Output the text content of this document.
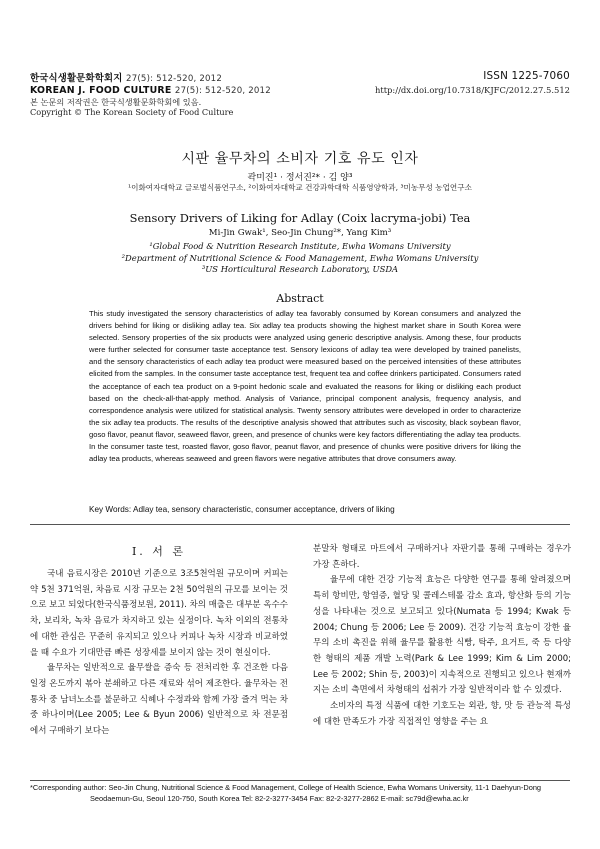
한국식생활문화학회지 27(5): 512-520, 2012
KOREAN J. FOOD CULTURE 27(5): 512-520, 2012
본 논문의 저작권은 한국식생활문화학회에 있음.
Copyright © The Korean Society of Food Culture
ISSN 1225-7060
http://dx.doi.org/10.7318/KJFC/2012.27.5.512
시판 율무차의 소비자 기호 유도 인자
곽미진¹ · 정서진²* · 김 양³
¹이화여자대학교 글로벌식품연구소, ²이화여자대학교 건강과학대학 식품영양학과, ³미농무성 농업연구소
Sensory Drivers of Liking for Adlay (Coix lacryma-jobi) Tea
Mi-Jin Gwak¹, Seo-Jin Chung²*, Yang Kim³
¹Global Food & Nutrition Research Institute, Ewha Womans University
²Department of Nutritional Science & Food Management, Ewha Womans University
³US Horticultural Research Laboratory, USDA
Abstract
This study investigated the sensory characteristics of adlay tea favorably consumed by Korean consumers and analyzed the drivers behind for liking or disliking adlay tea. Six adlay tea products showing the highest market share in South Korea were selected. Sensory properties of the six products were analyzed using generic descriptive analysis. Among these, four products were further selected for consumer taste acceptance test. Sensory lexicons of adlay tea were developed by trained panelists, and the sensory characteristics of each adlay tea product were measured based on the perceived intensities of these attributes elicited from the samples. In the consumer taste acceptance test, frequent tea and coffee drinkers participated. Consumers rated the acceptance of each tea product on a 9-point hedonic scale and evaluated the reasons for liking or disliking each product based on the check-all-that-apply method. Analysis of Variance, principal component analysis, frequency analysis, and correspondence analysis were utilized for statistical analysis. Twenty sensory attributes were developed in order to characterize the six adlay tea products. The results of the descriptive analysis showed that attributes such as viscosity, black soybean flavor, goso flavor, peanut flavor, seaweed flavor, green, and presence of chunks were key factors differentiating the adlay tea products. In the consumer taste test, roasted flavor, goso flavor, peanut flavor, and presence of chunks were positive drivers for liking the adlay tea products, whereas seaweed and green flavors were negative attributes that drove consumers away.
Key Words: Adlay tea, sensory characteristic, consumer acceptance, drivers of liking
I. 서 론

국내 음료시장은 2010년 기준으로 3조5천억원 규모이며 커피는 약 5천 371억원, 차음료 시장 규모는 2천 50억원의 규모를 보이는 것으로 보고 되었다(한국식품정보원, 2011). 차의 매출은 대부분 옥수수차, 보리차, 녹차 음료가 차지하고 있는 실정이다. 녹차 이외의 전통차에 대한 관심은 꾸준히 유지되고 있으나 커피나 녹차 시장과 비교하였을 때 수요가 기대만큼 빠른 성장세를 보이지 않는 것이 현실이다.

율무차는 일반적으로 율무쌀을 증숙 등 전처리한 후 건조한 다음 일정 온도까지 볶아 분쇄하고 다른 재료와 섞어 제조한다. 율무차는 전통차 중 남녀노소를 불문하고 식혜나 수정과와 함께 가장 즐겨 먹는 차 중 하나이며(Lee 2005; Lee & Byun 2006) 일반적으로 차 전문점에서 구매하기 보다는

분말차 형태로 마트에서 구매하거나 자판기를 통해 구매하는 경우가 가장 흔하다.

율무에 대한 건강 기능적 효능은 다양한 연구를 통해 알려졌으며 특히 항비만, 항염증, 혈당 및 콜레스테롤 감소 효과, 항산화 등의 기능성을 나타내는 것으로 보고되고 있다(Numata 등 1994; Kwak 등 2004; Chung 등 2006; Lee 등 2009). 건강 기능적 효능이 강한 율무의 소비 촉진을 위해 율무를 활용한 식빵, 탁주, 요거트, 죽 등 다양한 형태의 제품 개발 노력(Park & Lee 1999; Kim & Lim 2000; Lee 등 2002; Shin 등, 2003)이 지속적으로 진행되고 있으나 현재까지는 소비 측면에서 차형태의 섭취가 가장 일반적이라 할 수 있겠다.

소비자의 특정 식품에 대한 기호도는 외관, 향, 맛 등 관능적 특성에 대한 만족도가 가장 직접적인 영향을 주는 요

*Corresponding author: Seo-Jin Chung, Nutritional Science & Food Management, College of Health Science, Ewha Womans University, 11-1 Daehyun-Dong
Seodaemun-Gu, Seoul 120-750, South Korea Tel: 82-2-3277-3454 Fax: 82-2-3277-2862 E-mail: sc79d@ewha.ac.kr
